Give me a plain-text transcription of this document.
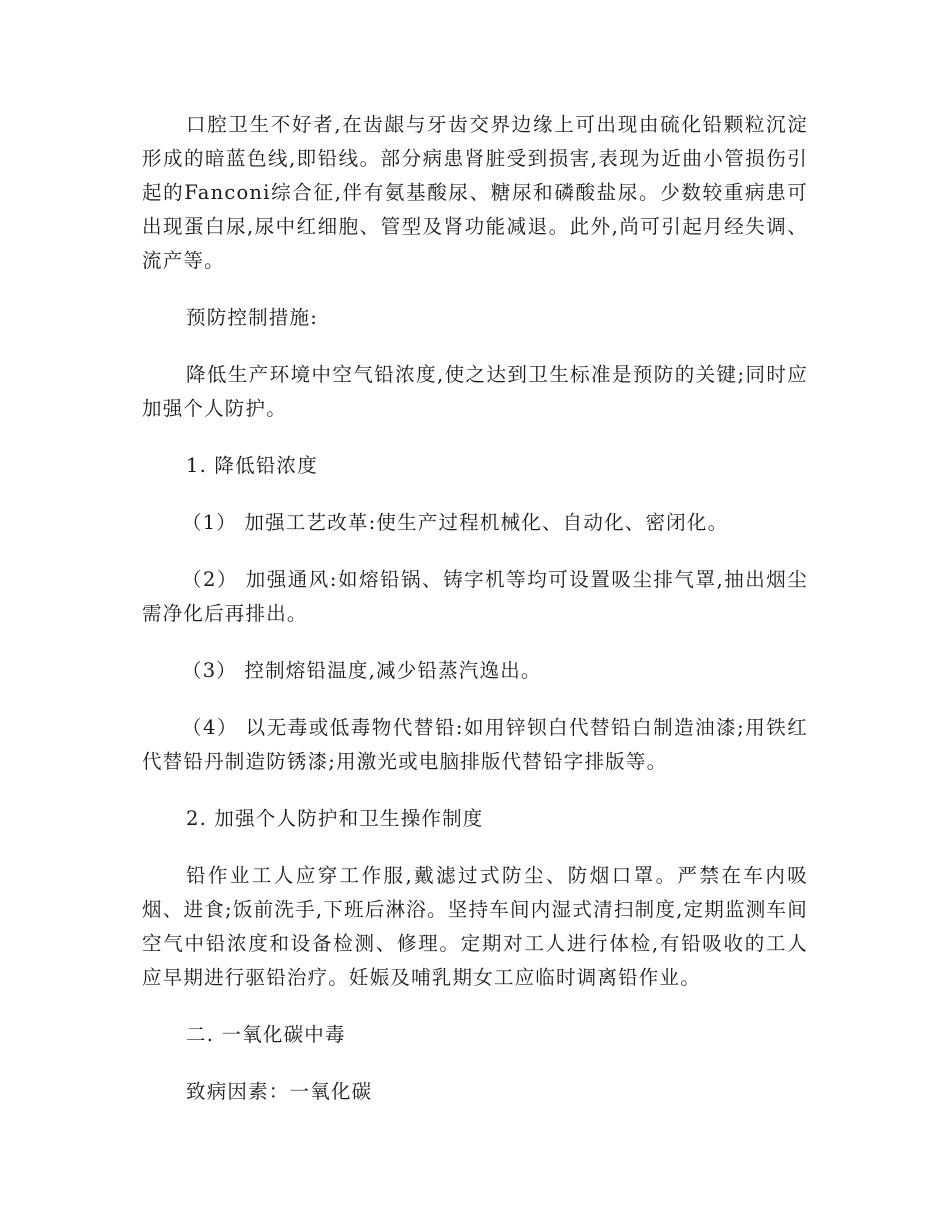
口腔卫生不好者,在齿龈与牙齿交界边缘上可出现由硫化铅颗粒沉淀形成的暗蓝色线,即铅线。部分病患肾脏受到损害,表现为近曲小管损伤引起的Fanconi综合征,伴有氨基酸尿、糖尿和磷酸盐尿。少数较重病患可出现蛋白尿,尿中红细胞、管型及肾功能减退。此外,尚可引起月经失调、流产等。

预防控制措施:

降低生产环境中空气铅浓度,使之达到卫生标准是预防的关键;同时应加强个人防护。

1. 降低铅浓度

（1） 加强工艺改革:使生产过程机械化、自动化、密闭化。

（2） 加强通风:如熔铅锅、铸字机等均可设置吸尘排气罩,抽出烟尘需净化后再排出。

（3） 控制熔铅温度,减少铅蒸汽逸出。

（4） 以无毒或低毒物代替铅:如用锌钡白代替铅白制造油漆;用铁红代替铅丹制造防锈漆;用激光或电脑排版代替铅字排版等。

2. 加强个人防护和卫生操作制度

铅作业工人应穿工作服,戴滤过式防尘、防烟口罩。严禁在车内吸烟、进食;饭前洗手,下班后淋浴。坚持车间内湿式清扫制度,定期监测车间空气中铅浓度和设备检测、修理。定期对工人进行体检,有铅吸收的工人应早期进行驱铅治疗。妊娠及哺乳期女工应临时调离铅作业。

二. 一氧化碳中毒

致病因素：一氧化碳
